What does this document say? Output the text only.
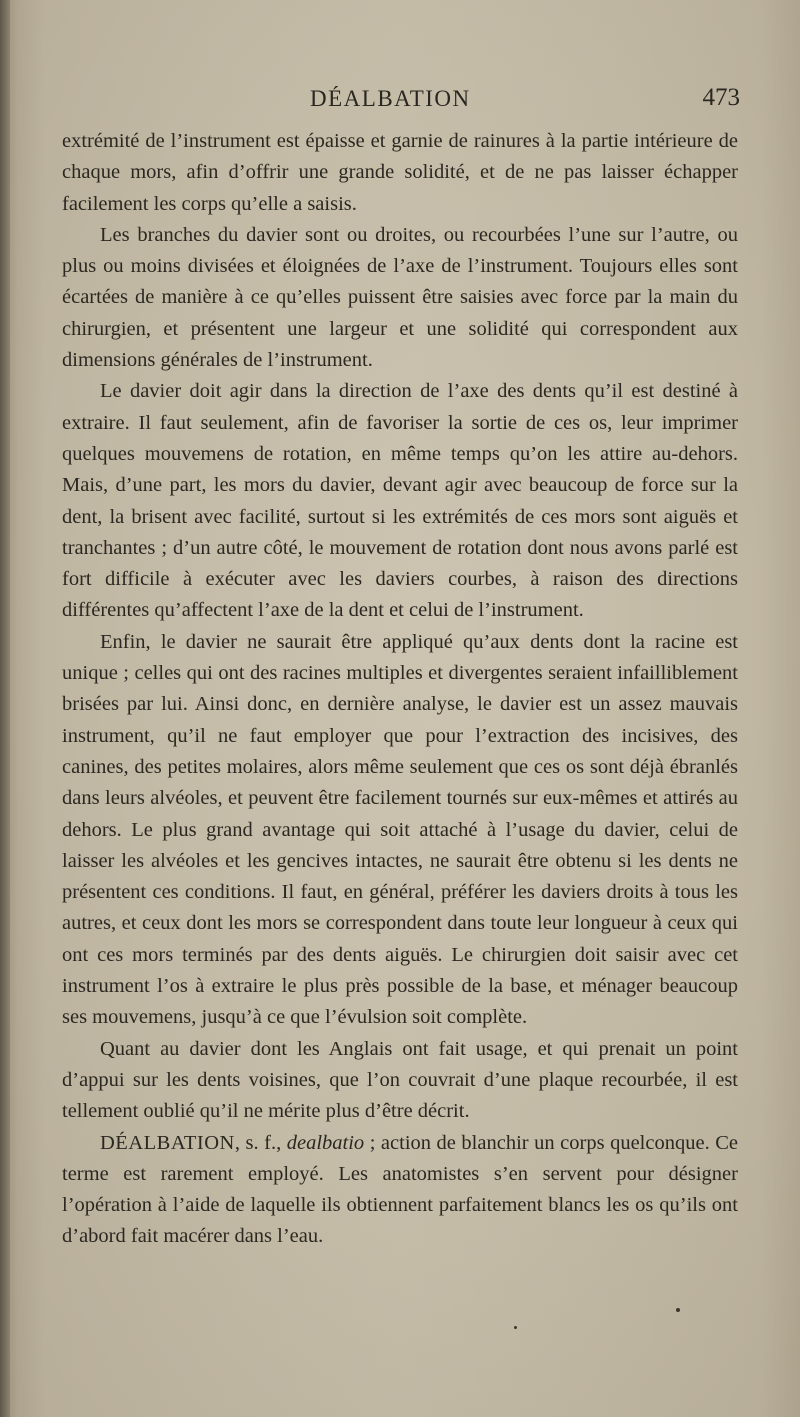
DÉALBATION	473

extrémité de l’instrument est épaisse et garnie de rainures à la partie intérieure de chaque mors, afin d’offrir une grande solidité, et de ne pas laisser échapper facilement les corps qu’elle a saisis.

Les branches du davier sont ou droites, ou recourbées l’une sur l’autre, ou plus ou moins divisées et éloignées de l’axe de l’instrument. Toujours elles sont écartées de manière à ce qu’elles puissent être saisies avec force par la main du chirurgien, et présentent une largeur et une solidité qui correspondent aux dimensions générales de l’instrument.

Le davier doit agir dans la direction de l’axe des dents qu’il est destiné à extraire. Il faut seulement, afin de favoriser la sortie de ces os, leur imprimer quelques mouvemens de rotation, en même temps qu’on les attire au-dehors. Mais, d’une part, les mors du davier, devant agir avec beaucoup de force sur la dent, la brisent avec facilité, surtout si les extrémités de ces mors sont aiguës et tranchantes ; d’un autre côté, le mouvement de rotation dont nous avons parlé est fort difficile à exécuter avec les daviers courbes, à raison des directions différentes qu’affectent l’axe de la dent et celui de l’instrument.

Enfin, le davier ne saurait être appliqué qu’aux dents dont la racine est unique ; celles qui ont des racines multiples et divergentes seraient infailliblement brisées par lui. Ainsi donc, en dernière analyse, le davier est un assez mauvais instrument, qu’il ne faut employer que pour l’extraction des incisives, des canines, des petites molaires, alors même seulement que ces os sont déjà ébranlés dans leurs alvéoles, et peuvent être facilement tournés sur eux-mêmes et attirés au dehors. Le plus grand avantage qui soit attaché à l’usage du davier, celui de laisser les alvéoles et les gencives intactes, ne saurait être obtenu si les dents ne présentent ces conditions. Il faut, en général, préférer les daviers droits à tous les autres, et ceux dont les mors se correspondent dans toute leur longueur à ceux qui ont ces mors terminés par des dents aiguës. Le chirurgien doit saisir avec cet instrument l’os à extraire le plus près possible de la base, et ménager beaucoup ses mouvemens, jusqu’à ce que l’évulsion soit complète.

Quant au davier dont les Anglais ont fait usage, et qui prenait un point d’appui sur les dents voisines, que l’on couvrait d’une plaque recourbée, il est tellement oublié qu’il ne mérite plus d’être décrit.

DÉALBATION, s. f., dealbatio ; action de blanchir un corps quelconque. Ce terme est rarement employé. Les anatomistes s’en servent pour désigner l’opération à l’aide de laquelle ils obtiennent parfaitement blancs les os qu’ils ont d’abord fait macérer dans l’eau.
